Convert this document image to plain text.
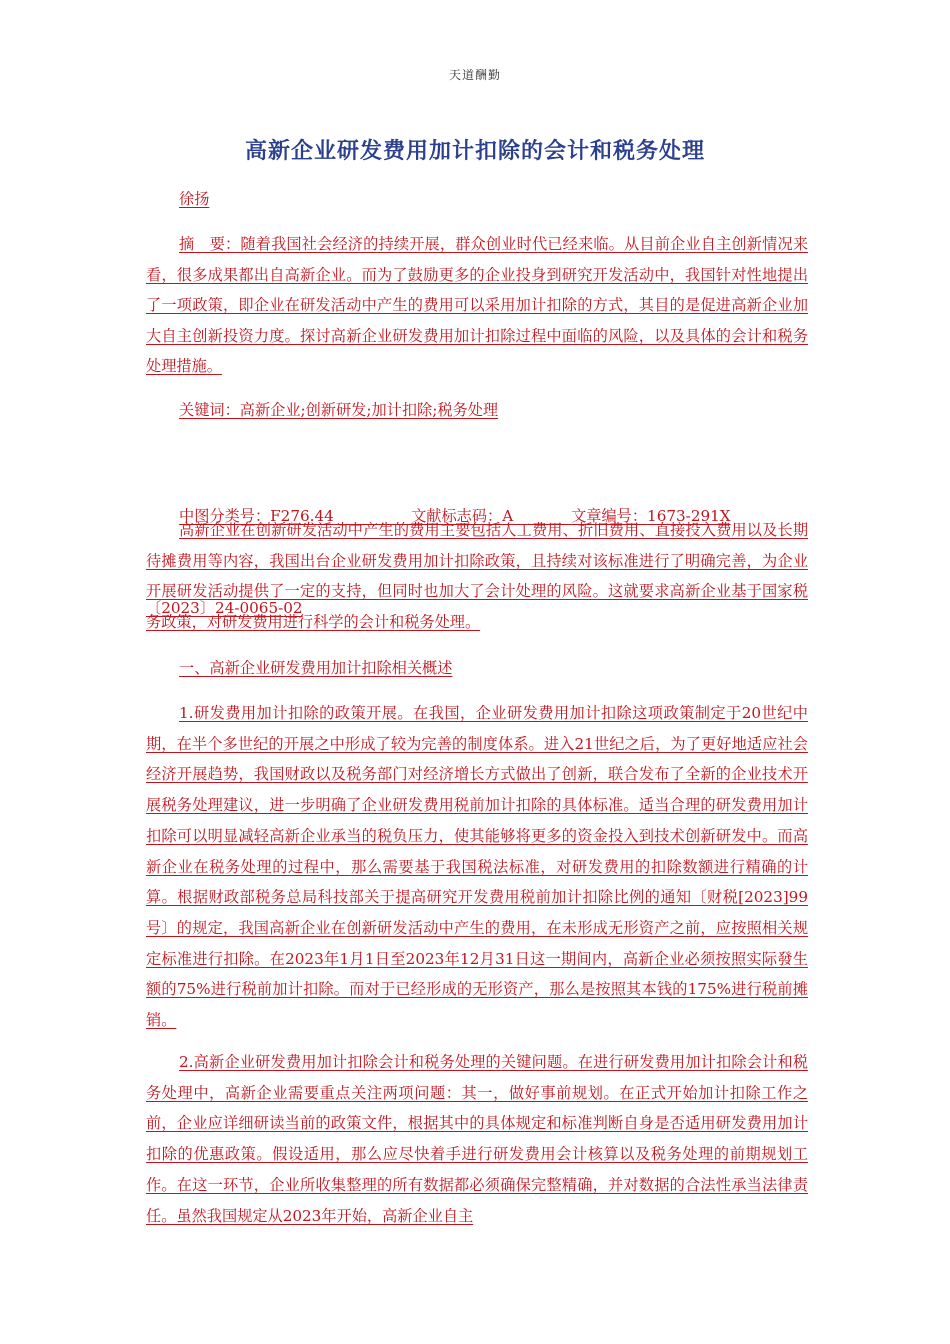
天道酬勤
高新企业研发费用加计扣除的会计和税务处理
徐扬
摘　要：随着我国社会经济的持续开展，群众创业时代已经来临。从目前企业自主创新情况来看，很多成果都出自高新企业。而为了鼓励更多的企业投身到研究开发活动中，我国针对性地提出了一项政策，即企业在研发活动中产生的费用可以采用加计扣除的方式，其目的是促进高新企业加大自主创新投资力度。探讨高新企业研发费用加计扣除过程中面临的风险，以及具体的会计和税务处理措施。
关键词：高新企业;创新研发;加计扣除;税务处理

中图分类号：F276.44	文献标志码：A	文章编号：1673-291X

〔2023〕24-0065-02

高新企业在创新研发活动中产生的费用主要包括人工费用、折旧费用、直接投入费用以及长期待摊费用等内容，我国出台企业研发费用加计扣除政策，且持续对该标准进行了明确完善，为企业开展研发活动提供了一定的支持，但同时也加大了会计处理的风险。这就要求高新企业基于国家税务政策，对研发费用进行科学的会计和税务处理。
一、高新企业研发费用加计扣除相关概述
1.研发费用加计扣除的政策开展。在我国，企业研发费用加计扣除这项政策制定于20世纪中期，在半个多世纪的开展之中形成了较为完善的制度体系。进入21世纪之后，为了更好地适应社会经济开展趋势，我国财政以及税务部门对经济增长方式做出了创新，联合发布了全新的企业技术开展税务处理建议，进一步明确了企业研发费用税前加计扣除的具体标准。适当合理的研发费用加计扣除可以明显减轻高新企业承当的税负压力，使其能够将更多的资金投入到技术创新研发中。而高新企业在税务处理的过程中，那么需要基于我国税法标准，对研发费用的扣除数额进行精确的计算。根据财政部税务总局科技部关于提高研究开发费用税前加计扣除比例的通知〔财税[2023]99号〕的规定，我国高新企业在创新研发活动中产生的费用，在未形成无形资产之前，应按照相关规定标准进行扣除。在2023年1月1日至2023年12月31日这一期间内，高新企业必须按照实际發生额的75%进行税前加计扣除。而对于已经形成的无形资产，那么是按照其本钱的175%进行税前摊销。
2.高新企业研发费用加计扣除会计和税务处理的关键问题。在进行研发费用加计扣除会计和税务处理中，高新企业需要重点关注两项问题：其一，做好事前规划。在正式开始加计扣除工作之前，企业应详细研读当前的政策文件，根据其中的具体规定和标准判断自身是否适用研发费用加计扣除的优惠政策。假设适用，那么应尽快着手进行研发费用会计核算以及税务处理的前期规划工作。在这一环节，企业所收集整理的所有数据都必须确保完整精确，并对数据的合法性承当法律责任。虽然我国规定从2023年开始，高新企业自主
